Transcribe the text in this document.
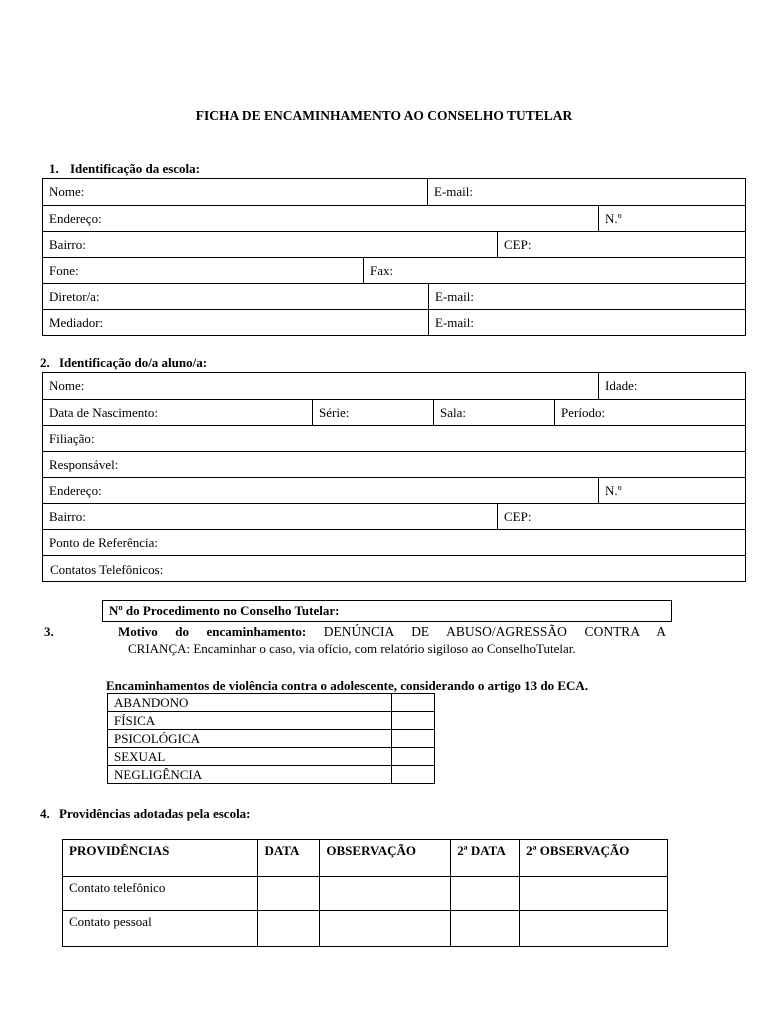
FICHA DE ENCAMINHAMENTO AO CONSELHO TUTELAR
1. Identificação da escola:
Nome:	E-mail:
Endereço:	N.º
Bairro:	CEP:
Fone:	Fax:
Diretor/a:	E-mail:
Mediador:	E-mail:
2. Identificação do/a aluno/a:
Nome:	Idade:
Data de Nascimento:	Série:	Sala:	Período:
Filiação:
Responsável:
Endereço:	N.º
Bairro:	CEP:
Ponto de Referência:
Contatos Telefônicos:
Nº do Procedimento no Conselho Tutelar:
3.	Motivo do encaminhamento: DENÚNCIA DE ABUSO/AGRESSÃO CONTRA A
CRIANÇA: Encaminhar o caso, via ofício, com relatório sigiloso ao ConselhoTutelar.
Encaminhamentos de violência contra o adolescente, considerando o artigo 13 do ECA.
ABANDONO	
FÍSICA	
PSICOLÓGICA	
SEXUAL	
NEGLIGÊNCIA	
4. Providências adotadas pela escola:
PROVIDÊNCIAS	DATA	OBSERVAÇÃO	2ª DATA	2ª OBSERVAÇÃO
Contato telefônico				
Contato pessoal				
